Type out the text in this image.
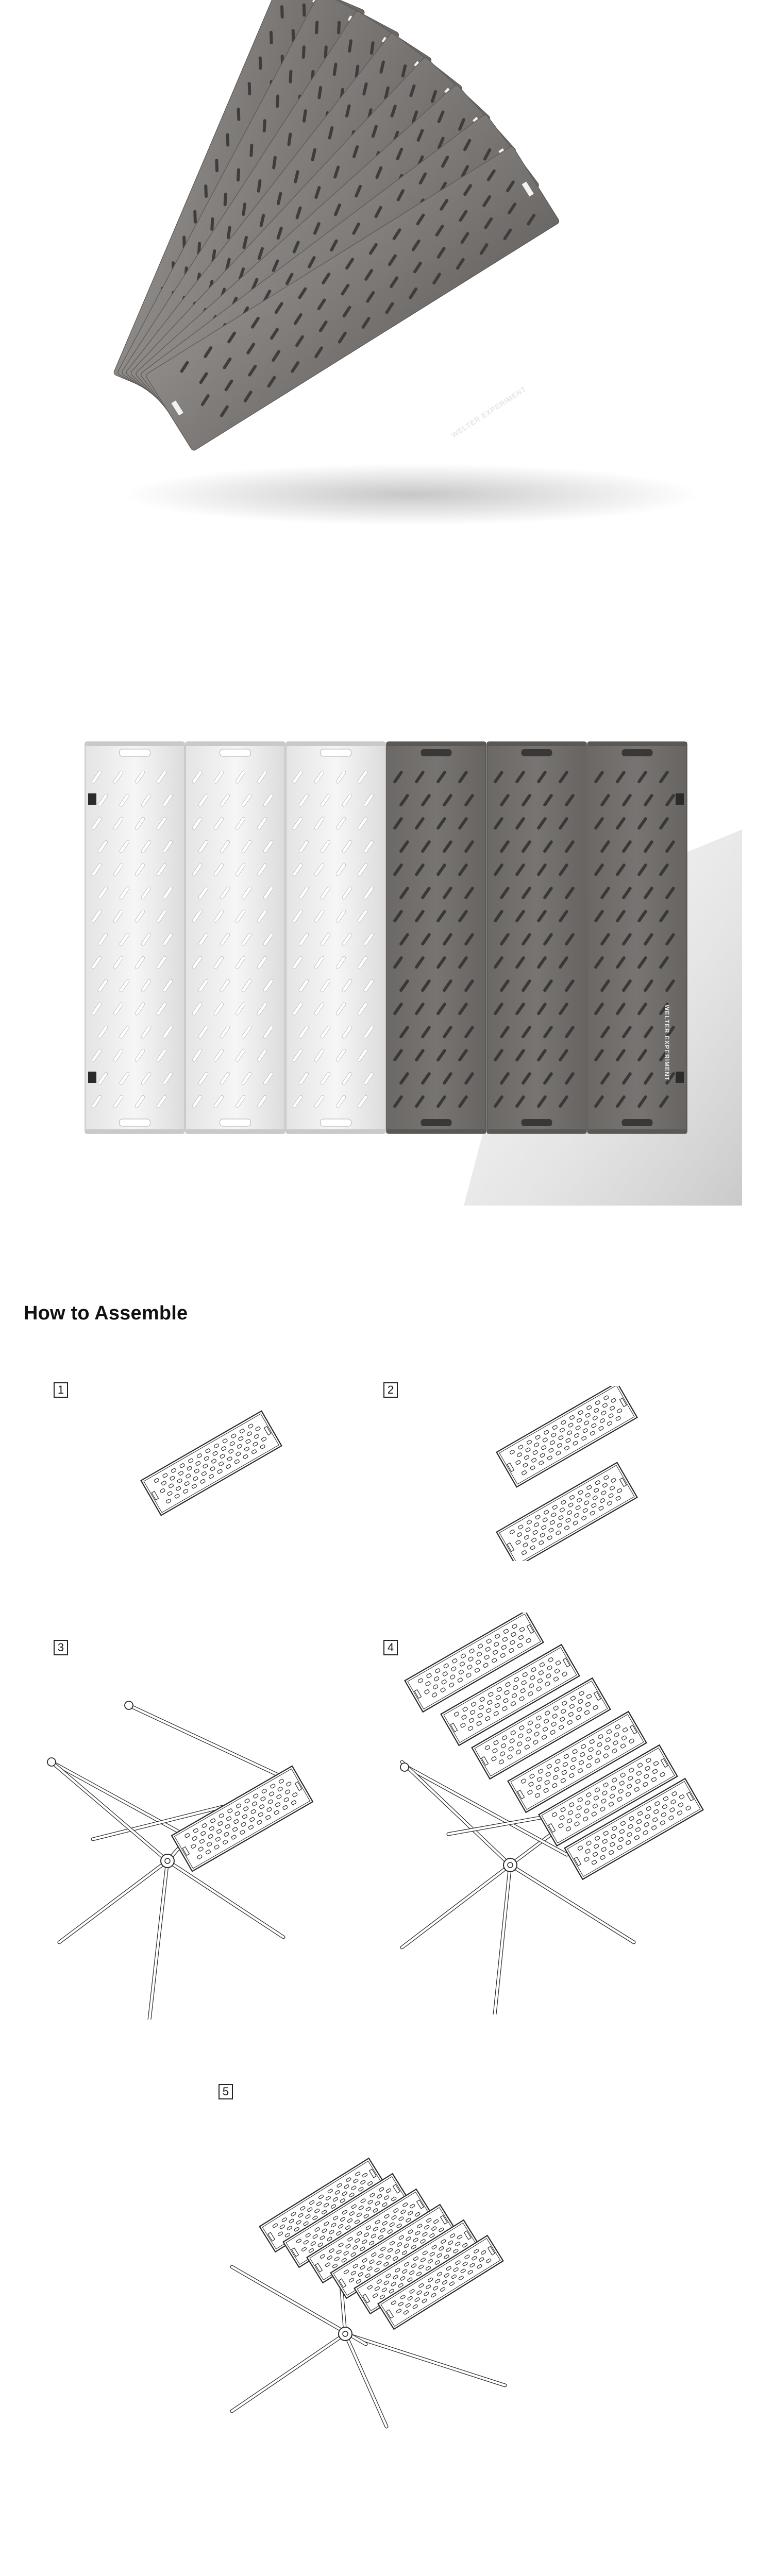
WELTER EXPERIMENT
WELTER EXPERIMENT
How to Assemble
1	2
3	4
5
